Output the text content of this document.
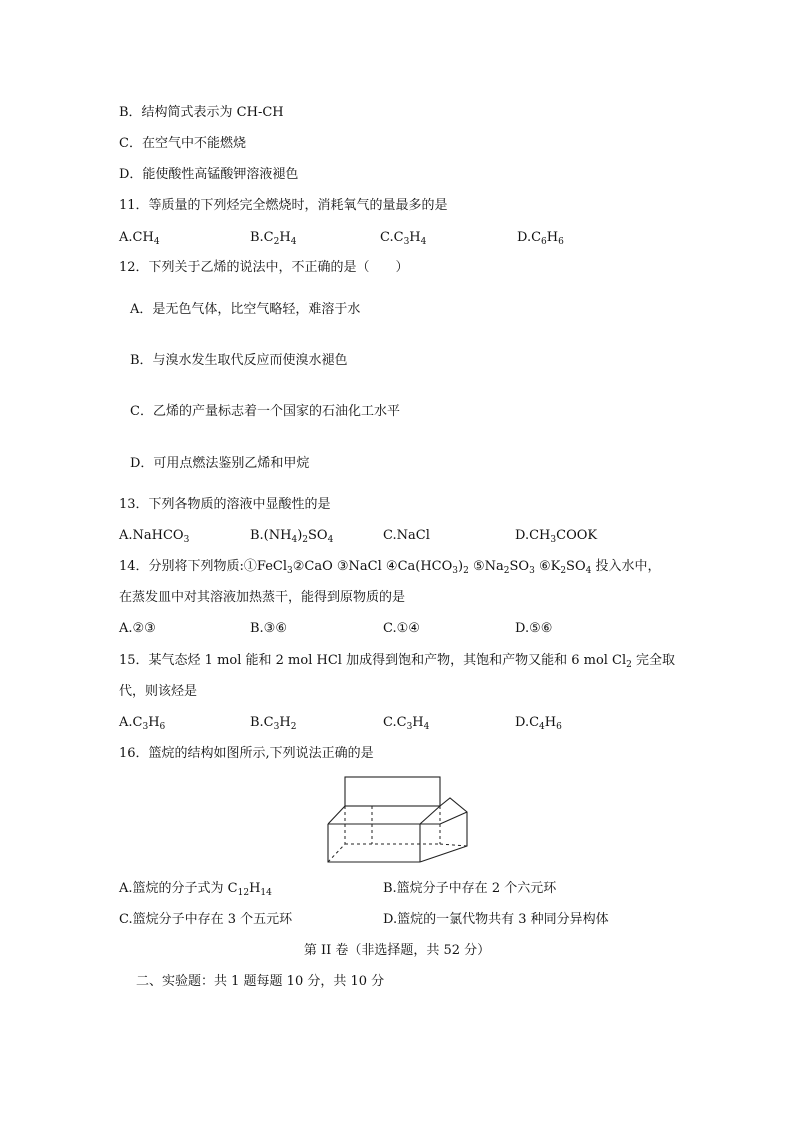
B．结构简式表示为 CH-CH
C．在空气中不能燃烧
D．能使酸性高锰酸钾溶液褪色
11．等质量的下列烃完全燃烧时，消耗氧气的量最多的是
$A.CH_4$	$B.C_2H_4$	$C.C_3H_4$	$D.C_6H_6$
12．下列关于乙烯的说法中，不正确的是（　　）
A．是无色气体，比空气略轻，难溶于水
B．与溴水发生取代反应而使溴水褪色
C．乙烯的产量标志着一个国家的石油化工水平
D．可用点燃法鉴别乙烯和甲烷
13．下列各物质的溶液中显酸性的是
A.NaHCO$_3$	$B.(NH_4)_2SO_4$	C.NaCl	$D.CH_3COOK$
14．分别将下列物质:①FeCl$_3$②CaO ③NaCl $④Ca(HCO_3)_2$ $⑤Na_2SO_3$ $⑥K_2SO_4$ 投入水中，
在蒸发皿中对其溶液加热蒸干，能得到原物质的是
A.②③	B.③⑥	C.①④	D.⑤⑥
15．某气态烃 1 mol 能和 2 mol HCl 加成得到饱和产物，其饱和产物又能和 6 mol $Cl_2$ 完全取
代，则该烃是
$A.C_3H_6$	$B.C_3H_2$	$C.C_3H_4$	$D.C_4H_6$
16．篮烷的结构如图所示,下列说法正确的是
A.篮烷的分子式为 $C_{12}H_{14}$	B.篮烷分子中存在 2 个六元环
C.篮烷分子中存在 3 个五元环	D.篮烷的一氯代物共有 3 种同分异构体
第 II 卷（非选择题，共 52 分）
二、实验题：共 1 题每题 10 分，共 10 分
